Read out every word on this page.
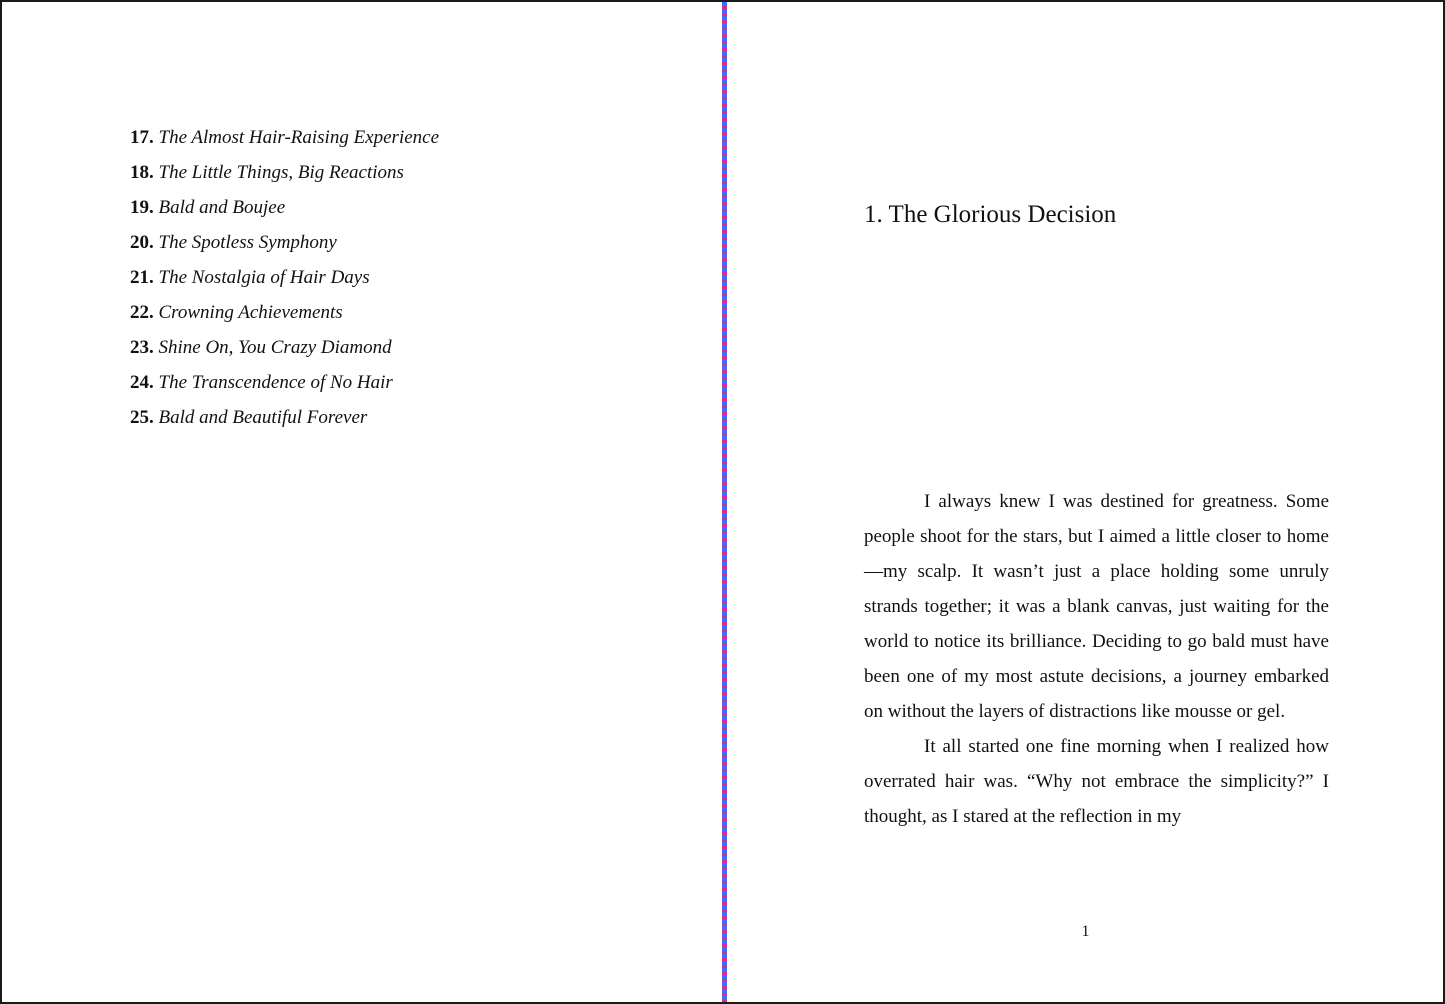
17. The Almost Hair-Raising Experience
18. The Little Things, Big Reactions
19. Bald and Boujee
20. The Spotless Symphony
21. The Nostalgia of Hair Days
22. Crowning Achievements
23. Shine On, You Crazy Diamond
24. The Transcendence of No Hair
25. Bald and Beautiful Forever
1. The Glorious Decision

I always knew I was destined for greatness. Some people shoot for the stars, but I aimed a little closer to home—my scalp. It wasn’t just a place holding some unruly strands together; it was a blank canvas, just waiting for the world to notice its brilliance. Deciding to go bald must have been one of my most astute decisions, a journey embarked on without the layers of distractions like mousse or gel.

It all started one fine morning when I realized how overrated hair was. “Why not embrace the simplicity?” I thought, as I stared at the reflection in my

1
